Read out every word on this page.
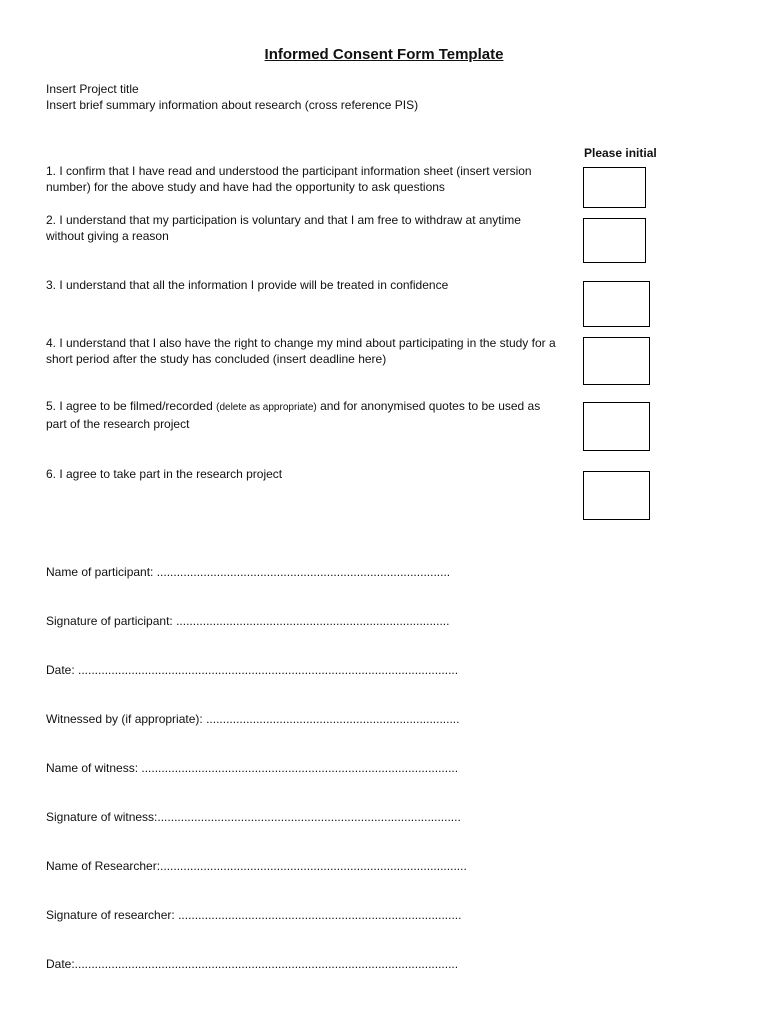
Informed Consent Form Template
Insert Project title
Insert brief summary information about research (cross reference PIS)
Please initial
1. I confirm that I have read and understood the participant information sheet (insert version number) for the above study and have had the opportunity to ask questions
2. I understand that my participation is voluntary and that I am free to withdraw at anytime without giving a reason
3. I understand that all the information I provide will be treated in confidence
4. I understand that I also have the right to change my mind about participating in the study for a short period after the study has concluded (insert deadline here)
5. I agree to be filmed/recorded (delete as appropriate) and for anonymised quotes to be used as part of the research project
6. I agree to take part in the research project
Name of participant: ........................................................................................
Signature of participant: ..................................................................................
Date: ..................................................................................................................
Witnessed by (if appropriate): ............................................................................
Name of witness: ...............................................................................................
Signature of witness:...........................................................................................
Name of Researcher:............................................................................................
Signature of researcher: .....................................................................................
Date:...................................................................................................................
